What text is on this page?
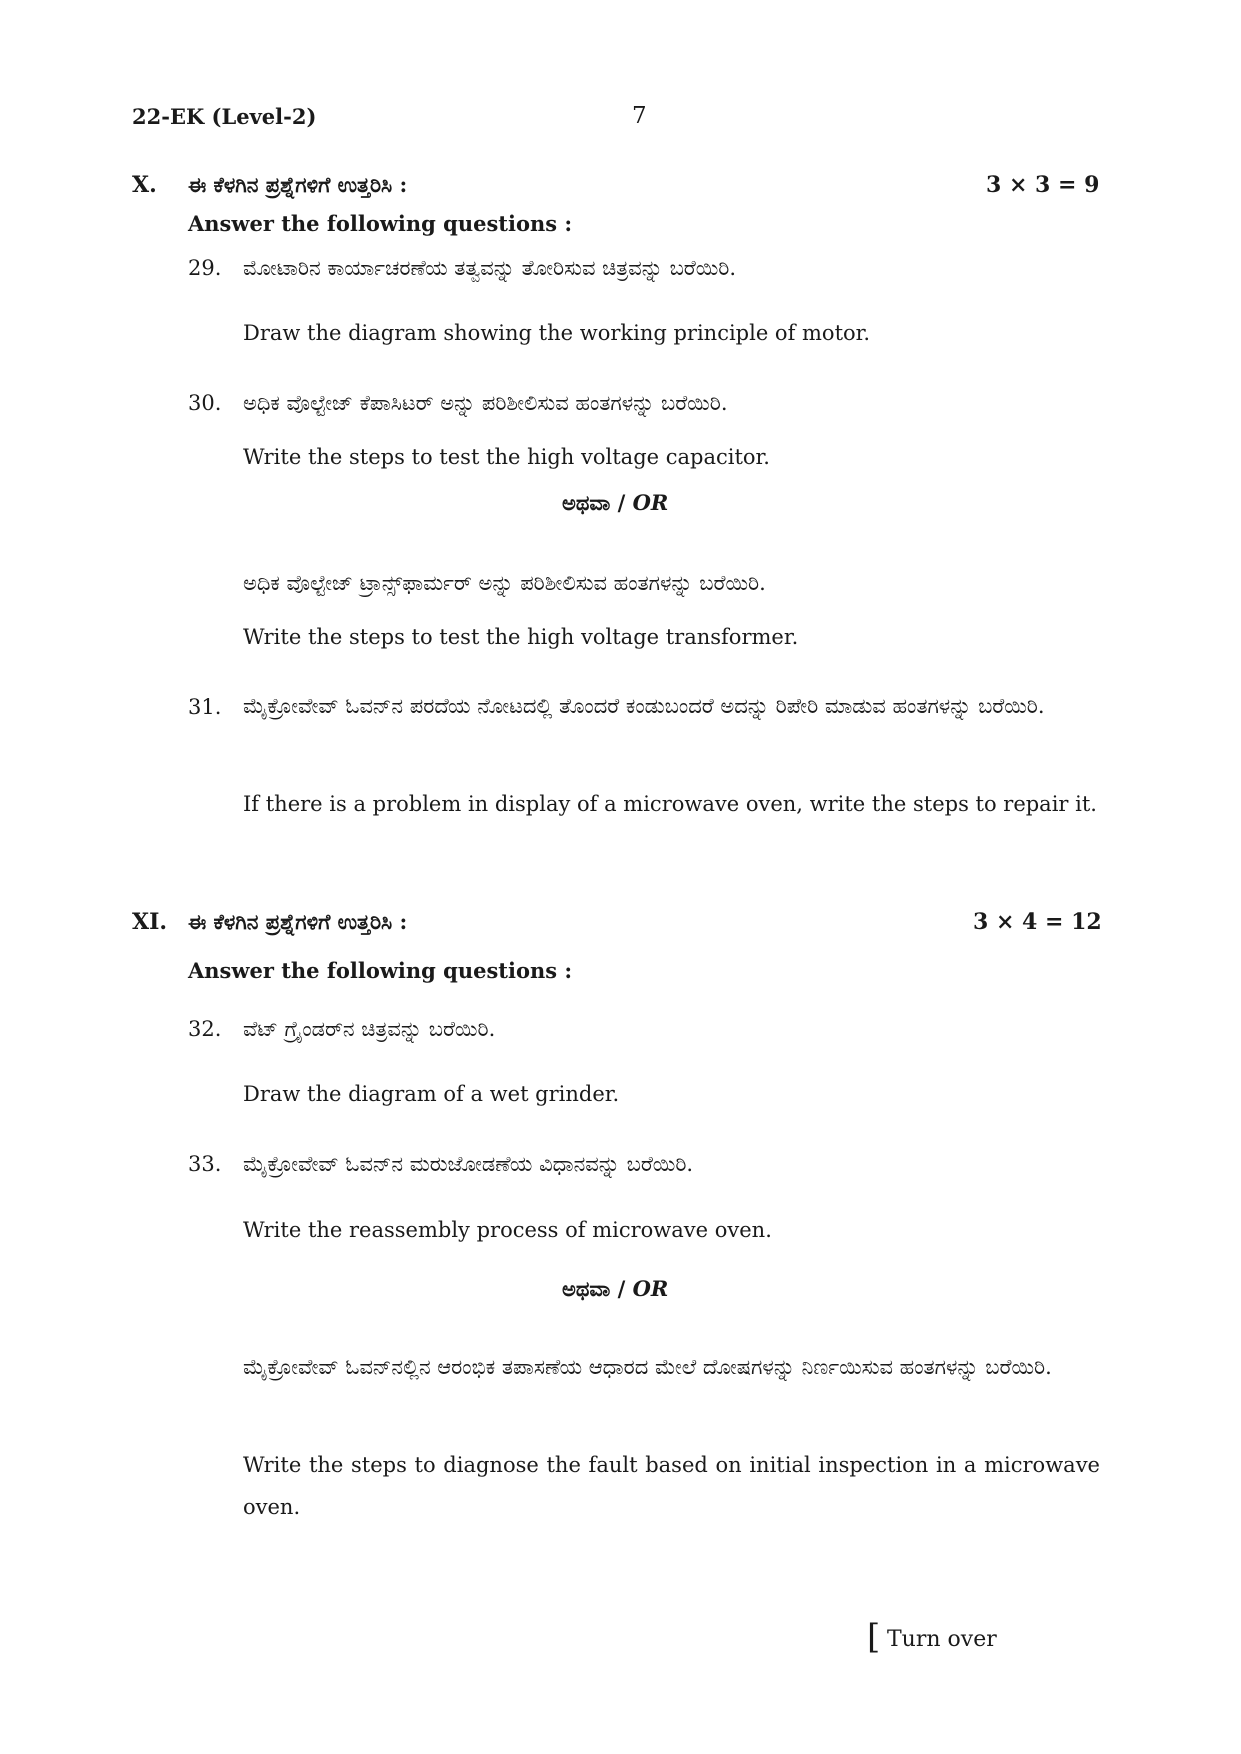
22-EK (Level-2)	7
X. ಈ ಕೆಳಗಿನ ಪ್ರಶ್ನೆಗಳಿಗೆ ಉತ್ತರಿಸಿ :	3 × 3 = 9
Answer the following questions :
29. ಮೋಟಾರಿನ ಕಾರ್ಯಾಚರಣೆಯ ತತ್ವವನ್ನು ತೋರಿಸುವ ಚಿತ್ರವನ್ನು ಬರೆಯಿರಿ.
Draw the diagram showing the working principle of motor.
30. ಅಧಿಕ ವೊಲ್ಟೇಜ್ ಕೆಪಾಸಿಟರ್ ಅನ್ನು ಪರಿಶೀಲಿಸುವ ಹಂತಗಳನ್ನು ಬರೆಯಿರಿ.
Write the steps to test the high voltage capacitor.
ಅಥವಾ / OR
ಅಧಿಕ ವೊಲ್ಟೇಜ್ ಟ್ರಾನ್ಸ್‌ಫಾರ್ಮರ್ ಅನ್ನು ಪರಿಶೀಲಿಸುವ ಹಂತಗಳನ್ನು ಬರೆಯಿರಿ.
Write the steps to test the high voltage transformer.
31. ಮೈಕ್ರೋವೇವ್ ಓವನ್‌ನ ಪರದೆಯ ನೋಟದಲ್ಲಿ ತೊಂದರೆ ಕಂಡುಬಂದರೆ ಅದನ್ನು ರಿಪೇರಿ ಮಾಡುವ ಹಂತಗಳನ್ನು ಬರೆಯಿರಿ.
If there is a problem in display of a microwave oven, write the steps to repair it.
XI. ಈ ಕೆಳಗಿನ ಪ್ರಶ್ನೆಗಳಿಗೆ ಉತ್ತರಿಸಿ :	3 × 4 = 12
Answer the following questions :
32. ವೆಟ್ ಗ್ರೈಂಡರ್‌ನ ಚಿತ್ರವನ್ನು ಬರೆಯಿರಿ.
Draw the diagram of a wet grinder.
33. ಮೈಕ್ರೋವೇವ್ ಓವನ್‌ನ ಮರುಜೋಡಣೆಯ ವಿಧಾನವನ್ನು ಬರೆಯಿರಿ.
Write the reassembly process of microwave oven.
ಅಥವಾ / OR
ಮೈಕ್ರೋವೇವ್ ಓವನ್‌ನಲ್ಲಿನ ಆರಂಭಿಕ ತಪಾಸಣೆಯ ಆಧಾರದ ಮೇಲೆ ದೋಷಗಳನ್ನು ನಿರ್ಣಯಿಸುವ ಹಂತಗಳನ್ನು ಬರೆಯಿರಿ.
Write the steps to diagnose the fault based on initial inspection in a microwave oven.
[ Turn over
